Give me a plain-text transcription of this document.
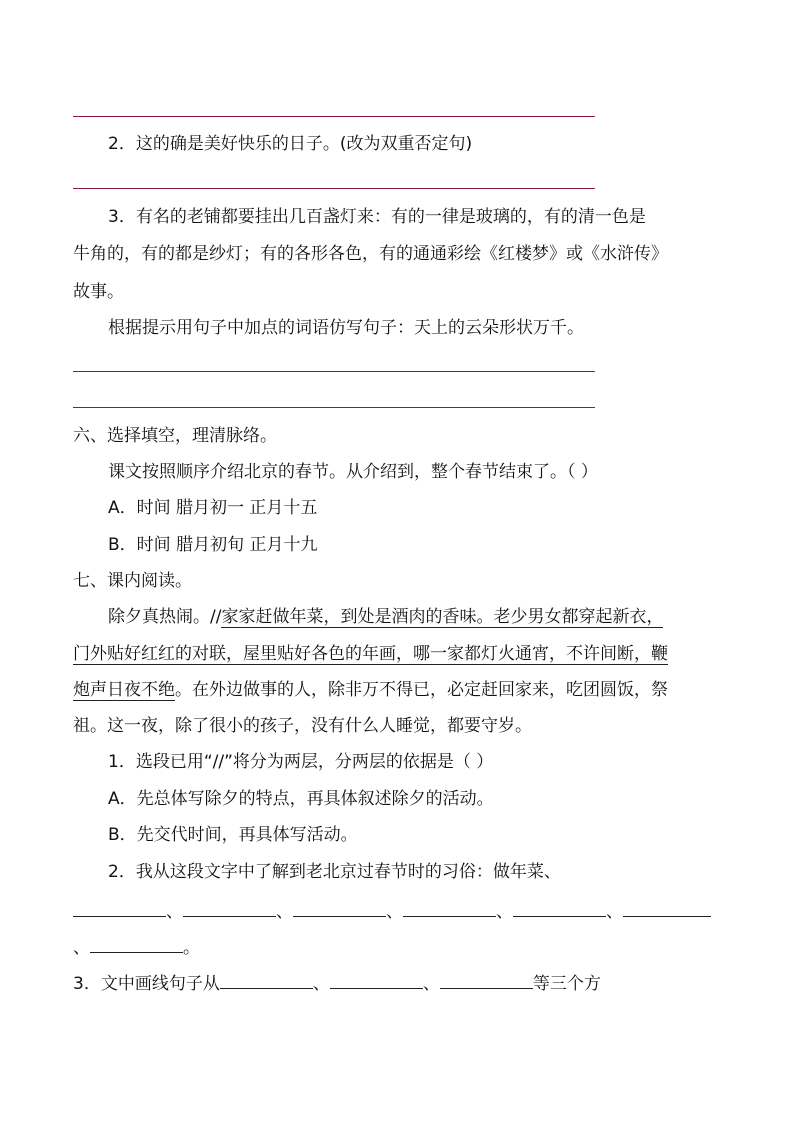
2．这的确是美好快乐的日子。(改为双重否定句)
3．有名的老铺都要挂出几百盏灯来：有的一律是玻璃的，有的清一色是
牛角的，有的都是纱灯；有的各形各色，有的通通彩绘《红楼梦》或《水浒传》
故事。
根据提示用句子中加点的词语仿写句子：天上的云朵形状万千。
六、选择填空，理清脉络。
课文按照顺序介绍北京的春节。从介绍到，整个春节结束了。（ ）
A．时间 腊月初一 正月十五
B．时间 腊月初旬 正月十九
七、课内阅读。
除夕真热闹。//家家赶做年菜，到处是酒肉的香味。老少男女都穿起新衣，
门外贴好红红的对联，屋里贴好各色的年画，哪一家都灯火通宵，不许间断，鞭
炮声日夜不绝。在外边做事的人，除非万不得已，必定赶回家来，吃团圆饭，祭
祖。这一夜，除了很小的孩子，没有什么人睡觉，都要守岁。
1．选段已用“//”将分为两层，分两层的依据是（ ）
A．先总体写除夕的特点，再具体叙述除夕的活动。
B．先交代时间，再具体写活动。
2．我从这段文字中了解到老北京过春节时的习俗：做年菜、
、	、	、	、	、
、	。
3．文中画线句子从	、	、	等三个方
